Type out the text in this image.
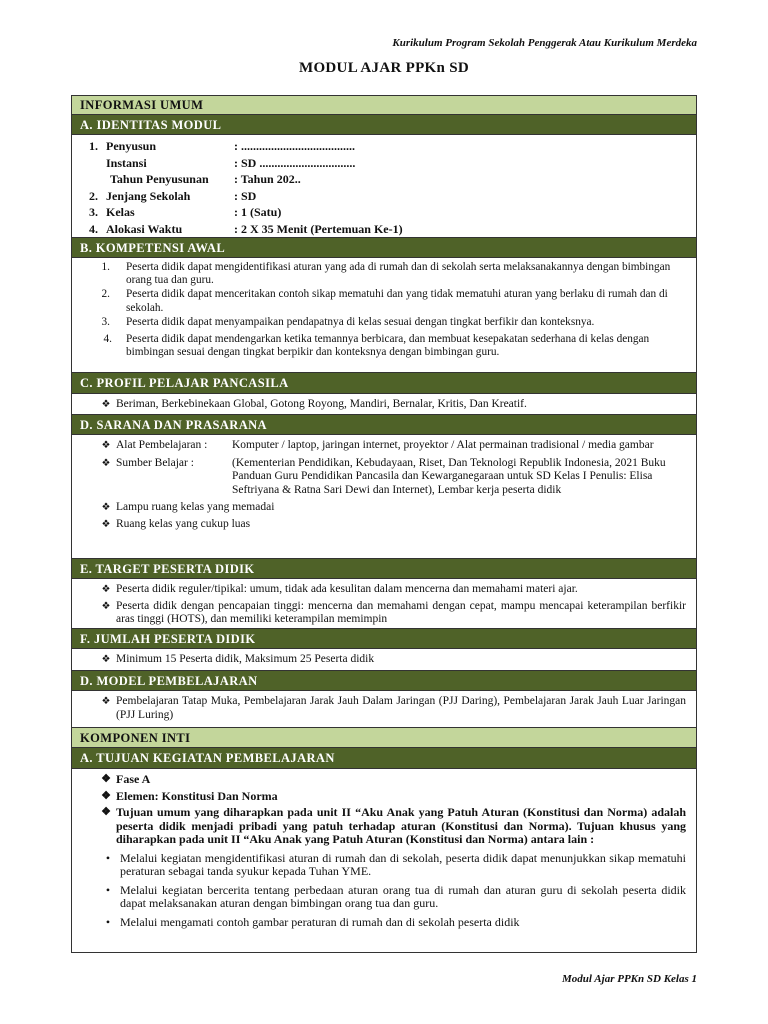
Kurikulum Program Sekolah Penggerak Atau Kurikulum Merdeka
MODUL AJAR PPKn SD
INFORMASI UMUM
A. IDENTITAS MODUL
1. Penyusun	: ......................................
Instansi	: SD ................................
Tahun Penyusunan	: Tahun 202..
2. Jenjang Sekolah	: SD
3. Kelas	: 1 (Satu)
4. Alokasi Waktu	: 2 X 35 Menit (Pertemuan Ke-1)
B. KOMPETENSI AWAL
1.	Peserta didik dapat mengidentifikasi aturan yang ada di rumah dan di sekolah serta melaksanakannya dengan bimbingan orang tua dan guru.
2.	Peserta didik dapat menceritakan contoh sikap mematuhi dan yang tidak mematuhi aturan yang berlaku di rumah dan di sekolah.
3.	Peserta didik dapat menyampaikan pendapatnya di kelas sesuai dengan tingkat berfikir dan konteksnya.
4.	Peserta didik dapat mendengarkan ketika temannya berbicara, dan membuat kesepakatan sederhana di kelas dengan bimbingan sesuai dengan tingkat berpikir dan konteksnya dengan bimbingan guru.
C. PROFIL PELAJAR PANCASILA
❖ Beriman, Berkebinekaan Global, Gotong Royong, Mandiri, Bernalar, Kritis, Dan Kreatif.
D. SARANA DAN PRASARANA
❖ Alat Pembelajaran :	Komputer / laptop, jaringan internet, proyektor / Alat permainan tradisional / media gambar
❖ Sumber Belajar :	(Kementerian Pendidikan, Kebudayaan, Riset, Dan Teknologi Republik Indonesia, 2021 Buku Panduan Guru Pendidikan Pancasila dan Kewarganegaraan untuk SD Kelas I Penulis: Elisa Seftriyana & Ratna Sari Dewi dan Internet), Lembar kerja peserta didik
❖ Lampu ruang kelas yang memadai
❖ Ruang kelas yang cukup luas
E. TARGET PESERTA DIDIK
❖ Peserta didik reguler/tipikal: umum, tidak ada kesulitan dalam mencerna dan memahami materi ajar.
❖ Peserta didik dengan pencapaian tinggi: mencerna dan memahami dengan cepat, mampu mencapai keterampilan berfikir aras tinggi (HOTS), dan memiliki keterampilan memimpin
F. JUMLAH PESERTA DIDIK
❖ Minimum 15 Peserta didik, Maksimum 25 Peserta didik
D. MODEL PEMBELAJARAN
❖ Pembelajaran Tatap Muka, Pembelajaran Jarak Jauh Dalam Jaringan (PJJ Daring), Pembelajaran Jarak Jauh Luar Jaringan (PJJ Luring)
KOMPONEN INTI
A. TUJUAN KEGIATAN PEMBELAJARAN
❖ Fase A
❖ Elemen: Konstitusi Dan Norma
❖ Tujuan umum yang diharapkan pada unit II “Aku Anak yang Patuh Aturan (Konstitusi dan Norma) adalah peserta didik menjadi pribadi yang patuh terhadap aturan (Konstitusi dan Norma). Tujuan khusus yang diharapkan pada unit II “Aku Anak yang Patuh Aturan (Konstitusi dan Norma) antara lain :
• Melalui kegiatan mengidentifikasi aturan di rumah dan di sekolah, peserta didik dapat menunjukkan sikap mematuhi peraturan sebagai tanda syukur kepada Tuhan YME.
• Melalui kegiatan bercerita tentang perbedaan aturan orang tua di rumah dan aturan guru di sekolah peserta didik dapat melaksanakan aturan dengan bimbingan orang tua dan guru.
• Melalui mengamati contoh gambar peraturan di rumah dan di sekolah peserta didik
Modul Ajar PPKn SD Kelas 1
